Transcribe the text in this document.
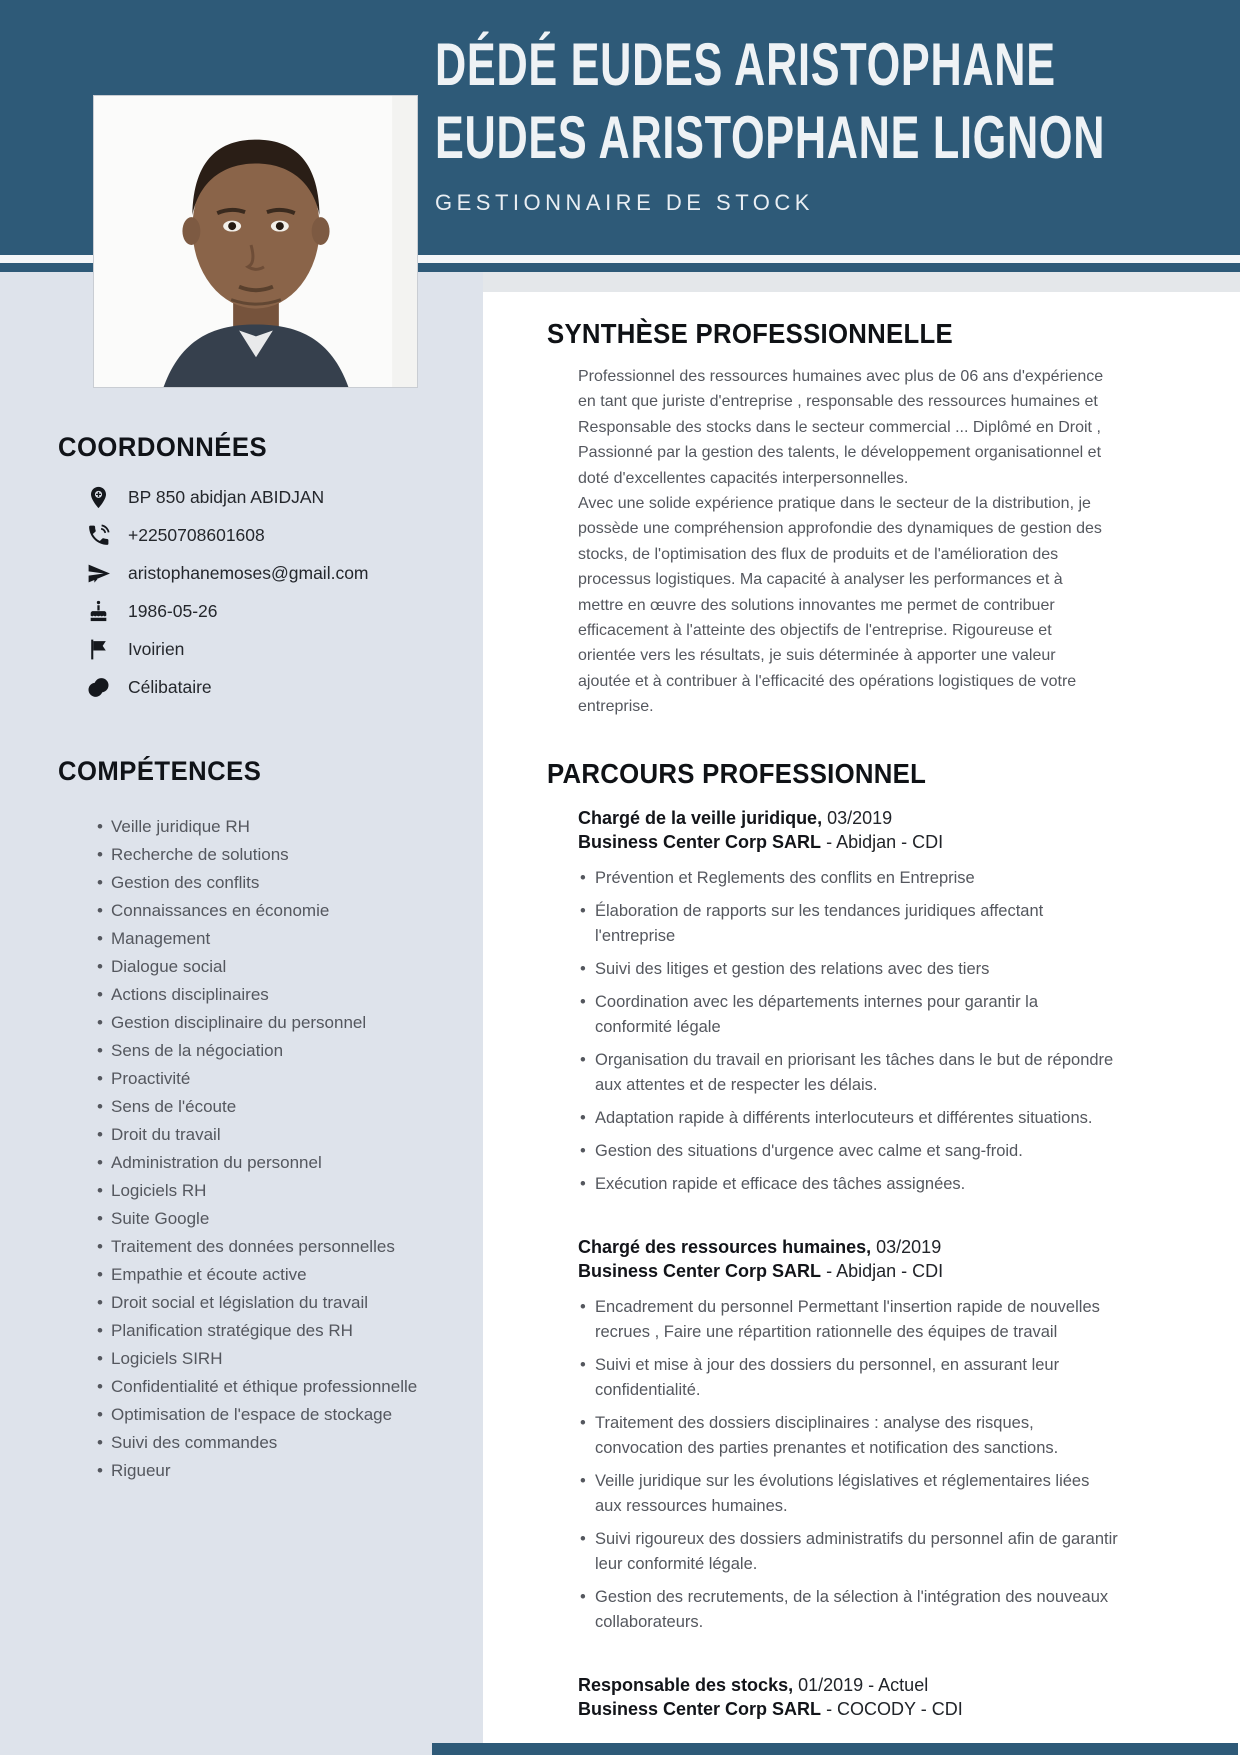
DÉDÉ EUDES ARISTOPHANE
EUDES ARISTOPHANE LIGNON
GESTIONNAIRE DE STOCK
COORDONNÉES
BP 850 abidjan ABIDJAN
+2250708601608
aristophanemoses@gmail.com
1986-05-26
Ivoirien
Célibataire
COMPÉTENCES
• Veille juridique RH
• Recherche de solutions
• Gestion des conflits
• Connaissances en économie
• Management
• Dialogue social
• Actions disciplinaires
• Gestion disciplinaire du personnel
• Sens de la négociation
• Proactivité
• Sens de l'écoute
• Droit du travail
• Administration du personnel
• Logiciels RH
• Suite Google
• Traitement des données personnelles
• Empathie et écoute active
• Droit social et législation du travail
• Planification stratégique des RH
• Logiciels SIRH
• Confidentialité et éthique professionnelle
• Optimisation de l'espace de stockage
• Suivi des commandes
• Rigueur
SYNTHÈSE PROFESSIONNELLE

Professionnel des ressources humaines avec plus de 06 ans d'expérience en tant que juriste d'entreprise , responsable des ressources humaines et Responsable des stocks dans le secteur commercial ... Diplômé en Droit , Passionné par la gestion des talents, le développement organisationnel et doté d'excellentes capacités interpersonnelles.

Avec une solide expérience pratique dans le secteur de la distribution, je possède une compréhension approfondie des dynamiques de gestion des stocks, de l'optimisation des flux de produits et de l'amélioration des processus logistiques. Ma capacité à analyser les performances et à mettre en œuvre des solutions innovantes me permet de contribuer efficacement à l'atteinte des objectifs de l'entreprise. Rigoureuse et orientée vers les résultats, je suis déterminée à apporter une valeur ajoutée et à contribuer à l'efficacité des opérations logistiques de votre entreprise.

PARCOURS PROFESSIONNEL
Chargé de la veille juridique, 03/2019
Business Center Corp SARL - Abidjan - CDI
• Prévention et Reglements des conflits en Entreprise
• Élaboration de rapports sur les tendances juridiques affectant l'entreprise
• Suivi des litiges et gestion des relations avec des tiers
• Coordination avec les départements internes pour garantir la conformité légale
• Organisation du travail en priorisant les tâches dans le but de répondre aux attentes et de respecter les délais.
• Adaptation rapide à différents interlocuteurs et différentes situations.
• Gestion des situations d'urgence avec calme et sang-froid.
• Exécution rapide et efficace des tâches assignées.
Chargé des ressources humaines, 03/2019
Business Center Corp SARL - Abidjan - CDI
• Encadrement du personnel Permettant l'insertion rapide de nouvelles recrues , Faire une répartition rationnelle des équipes de travail
• Suivi et mise à jour des dossiers du personnel, en assurant leur confidentialité.
• Traitement des dossiers disciplinaires : analyse des risques, convocation des parties prenantes et notification des sanctions.
• Veille juridique sur les évolutions législatives et réglementaires liées aux ressources humaines.
• Suivi rigoureux des dossiers administratifs du personnel afin de garantir leur conformité légale.
• Gestion des recrutements, de la sélection à l'intégration des nouveaux collaborateurs.
Responsable des stocks, 01/2019 - Actuel
Business Center Corp SARL - COCODY - CDI
